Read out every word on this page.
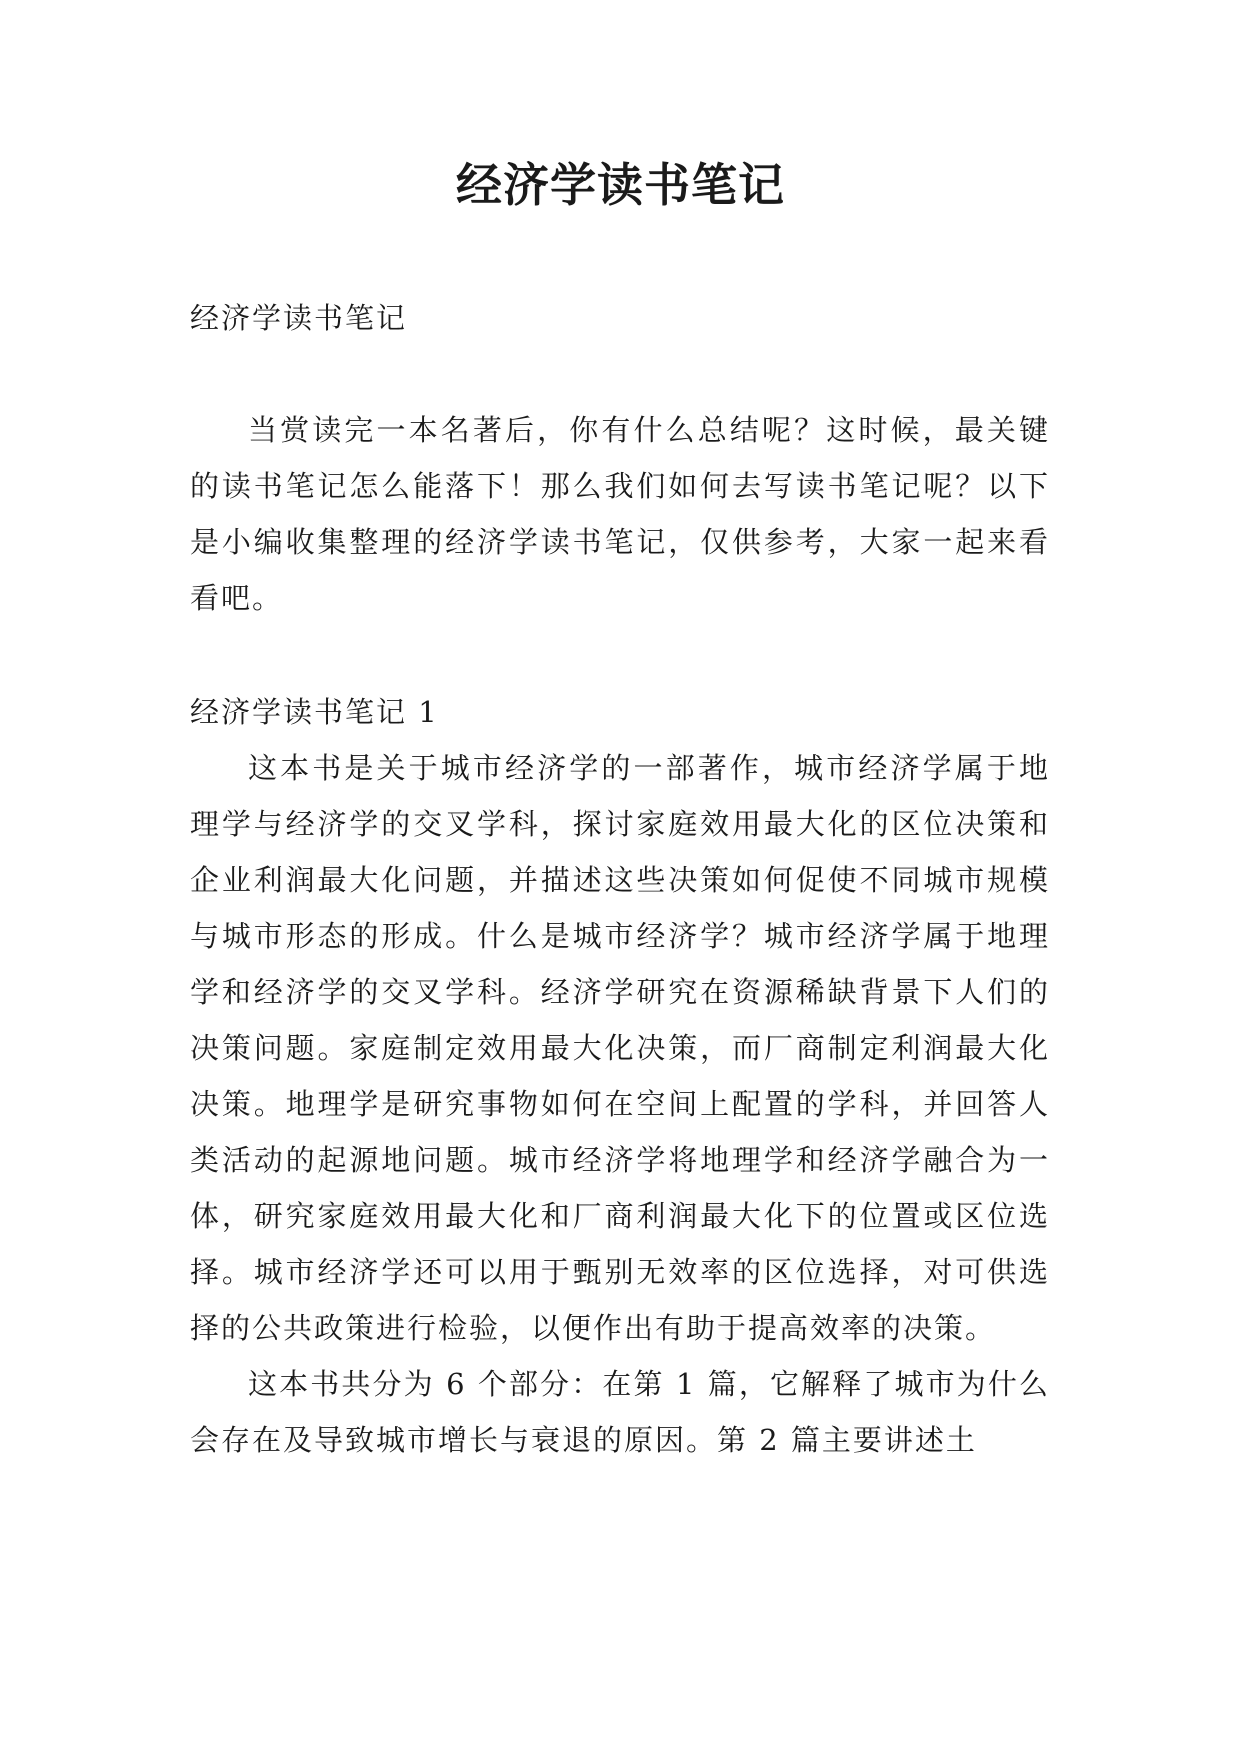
经济学读书笔记

经济学读书笔记

当赏读完一本名著后，你有什么总结呢？这时候，最关键的读书笔记怎么能落下！那么我们如何去写读书笔记呢？以下是小编收集整理的经济学读书笔记，仅供参考，大家一起来看看吧。

经济学读书笔记 1

这本书是关于城市经济学的一部著作，城市经济学属于地理学与经济学的交叉学科，探讨家庭效用最大化的区位决策和企业利润最大化问题，并描述这些决策如何促使不同城市规模与城市形态的形成。什么是城市经济学？城市经济学属于地理学和经济学的交叉学科。经济学研究在资源稀缺背景下人们的决策问题。家庭制定效用最大化决策，而厂商制定利润最大化决策。地理学是研究事物如何在空间上配置的学科，并回答人类活动的起源地问题。城市经济学将地理学和经济学融合为一体，研究家庭效用最大化和厂商利润最大化下的位置或区位选择。城市经济学还可以用于甄别无效率的区位选择，对可供选择的公共政策进行检验，以便作出有助于提高效率的决策。

这本书共分为 6 个部分：在第 1 篇，它解释了城市为什么会存在及导致城市增长与衰退的原因。第 2 篇主要讲述土
